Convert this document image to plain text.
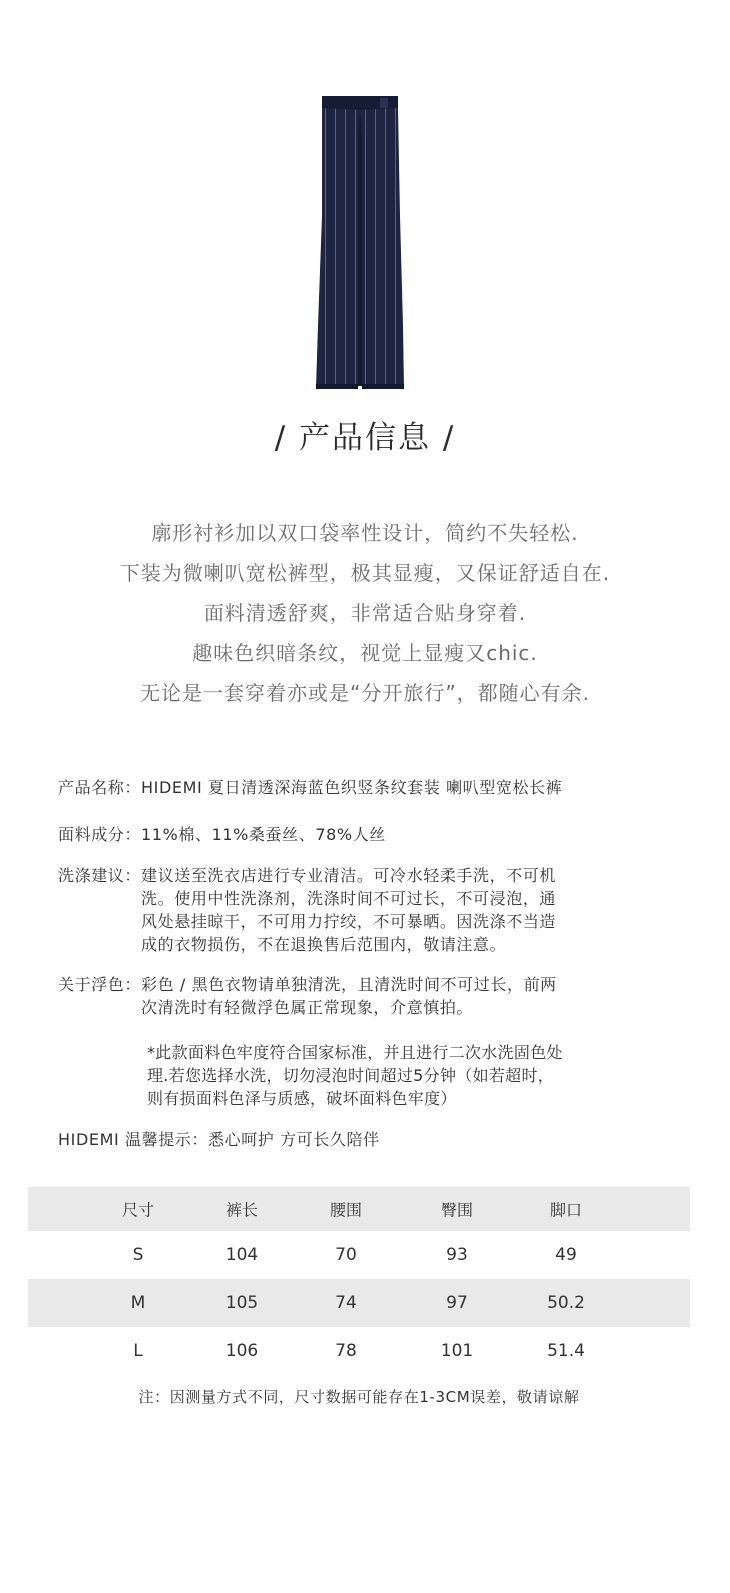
/ 产品信息 /
廓形衬衫加以双口袋率性设计，简约不失轻松.
下装为微喇叭宽松裤型，极其显瘦，又保证舒适自在.
面料清透舒爽，非常适合贴身穿着.
趣味色织暗条纹，视觉上显瘦又chic.
无论是一套穿着亦或是“分开旅行”，都随心有余.
产品名称：HIDEMI 夏日清透深海蓝色织竖条纹套装 喇叭型宽松长裤
面料成分：11%棉、11%桑蚕丝、78%人丝
洗涤建议： 建议送至洗衣店进行专业清洁。可冷水轻柔手洗，不可机
洗。使用中性洗涤剂，洗涤时间不可过长，不可浸泡，通
风处悬挂晾干，不可用力拧绞，不可暴晒。因洗涤不当造
成的衣物损伤，不在退换售后范围内，敬请注意。
关于浮色： 彩色 / 黑色衣物请单独清洗，且清洗时间不可过长，前两
次清洗时有轻微浮色属正常现象，介意慎拍。
*此款面料色牢度符合国家标准，并且进行二次水洗固色处
理.若您选择水洗，切勿浸泡时间超过5分钟（如若超时，
则有损面料色泽与质感，破坏面料色牢度）
HIDEMI 温馨提示：悉心呵护 方可长久陪伴
尺寸	裤长	腰围	臀围	脚口
S	104	70	93	49
M	105	74	97	50.2
L	106	78	101	51.4
注：因测量方式不同，尺寸数据可能存在1-3CM误差，敬请谅解
